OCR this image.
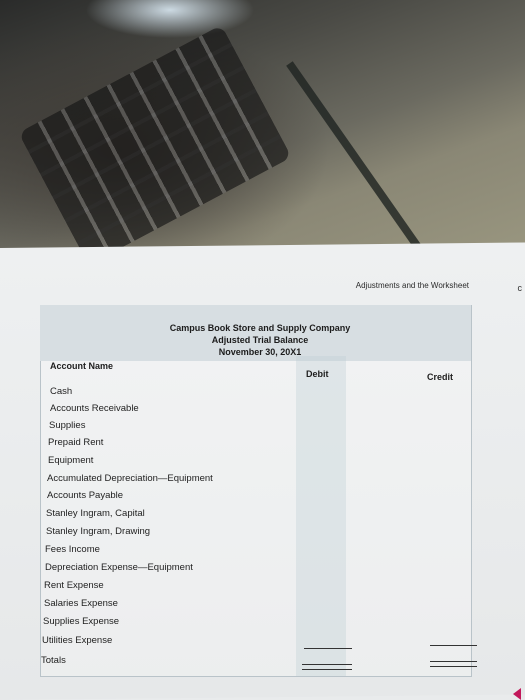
Adjustments and the Worksheet	c
Campus Book Store and Supply Company
Adjusted Trial Balance
November 30, 20X1
Account Name
Debit	Credit
Cash
Accounts Receivable
Supplies
Prepaid Rent
Equipment
Accumulated Depreciation—Equipment
Accounts Payable
Stanley Ingram, Capital
Stanley Ingram, Drawing
Fees Income
Depreciation Expense—Equipment
Rent Expense
Salaries Expense
Supplies Expense
Utilities Expense
Totals
